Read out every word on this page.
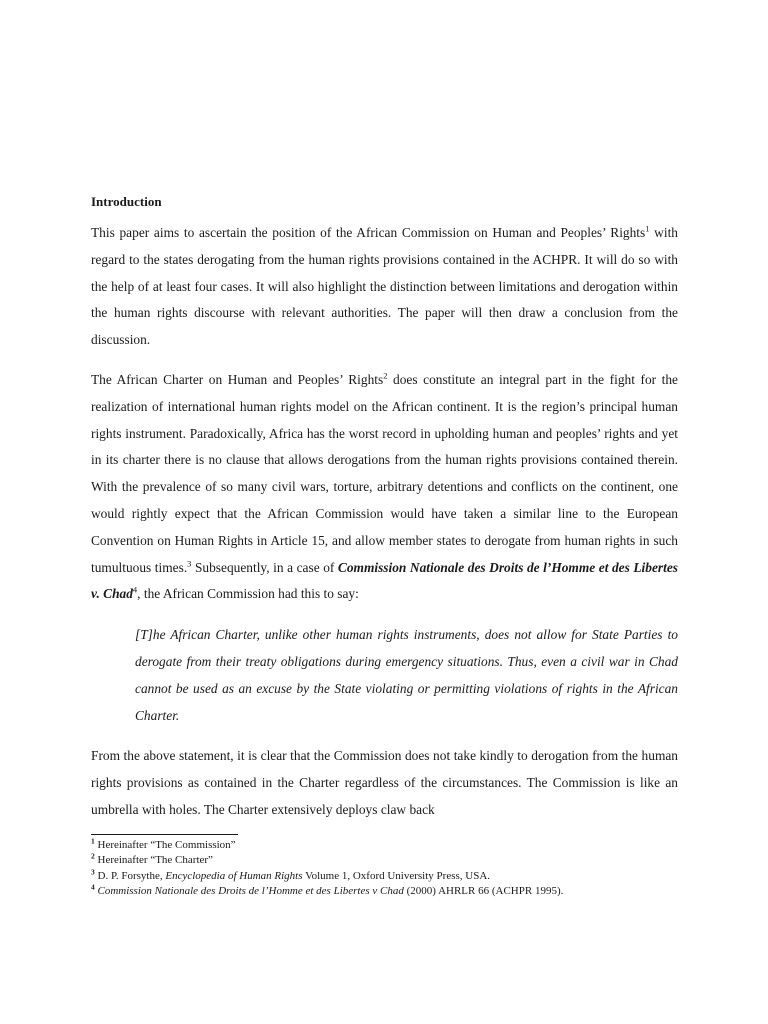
Introduction

This paper aims to ascertain the position of the African Commission on Human and Peoples’ Rights$^1$ with regard to the states derogating from the human rights provisions contained in the ACHPR. It will do so with the help of at least four cases. It will also highlight the distinction between limitations and derogation within the human rights discourse with relevant authorities. The paper will then draw a conclusion from the discussion.

The African Charter on Human and Peoples’ Rights$^2$ does constitute an integral part in the fight for the realization of international human rights model on the African continent. It is the region’s principal human rights instrument. Paradoxically, Africa has the worst record in upholding human and peoples’ rights and yet in its charter there is no clause that allows derogations from the human rights provisions contained therein. With the prevalence of so many civil wars, torture, arbitrary detentions and conflicts on the continent, one would rightly expect that the African Commission would have taken a similar line to the European Convention on Human Rights in Article 15, and allow member states to derogate from human rights in such tumultuous times.$^3$ Subsequently, in a case of Commission Nationale des Droits de l’Homme et des Libertes v. Chad$^4$, the African Commission had this to say:

[T]he African Charter, unlike other human rights instruments, does not allow for State Parties to derogate from their treaty obligations during emergency situations. Thus, even a civil war in Chad cannot be used as an excuse by the State violating or permitting violations of rights in the African Charter.

From the above statement, it is clear that the Commission does not take kindly to derogation from the human rights provisions as contained in the Charter regardless of the circumstances. The Commission is like an umbrella with holes. The Charter extensively deploys claw back

$^1$ Hereinafter “The Commission”

$^2$ Hereinafter “The Charter”

$^3$ D. P. Forsythe, Encyclopedia of Human Rights Volume 1, Oxford University Press, USA.

$^4$ Commission Nationale des Droits de l’Homme et des Libertes v Chad (2000) AHRLR 66 (ACHPR 1995).
